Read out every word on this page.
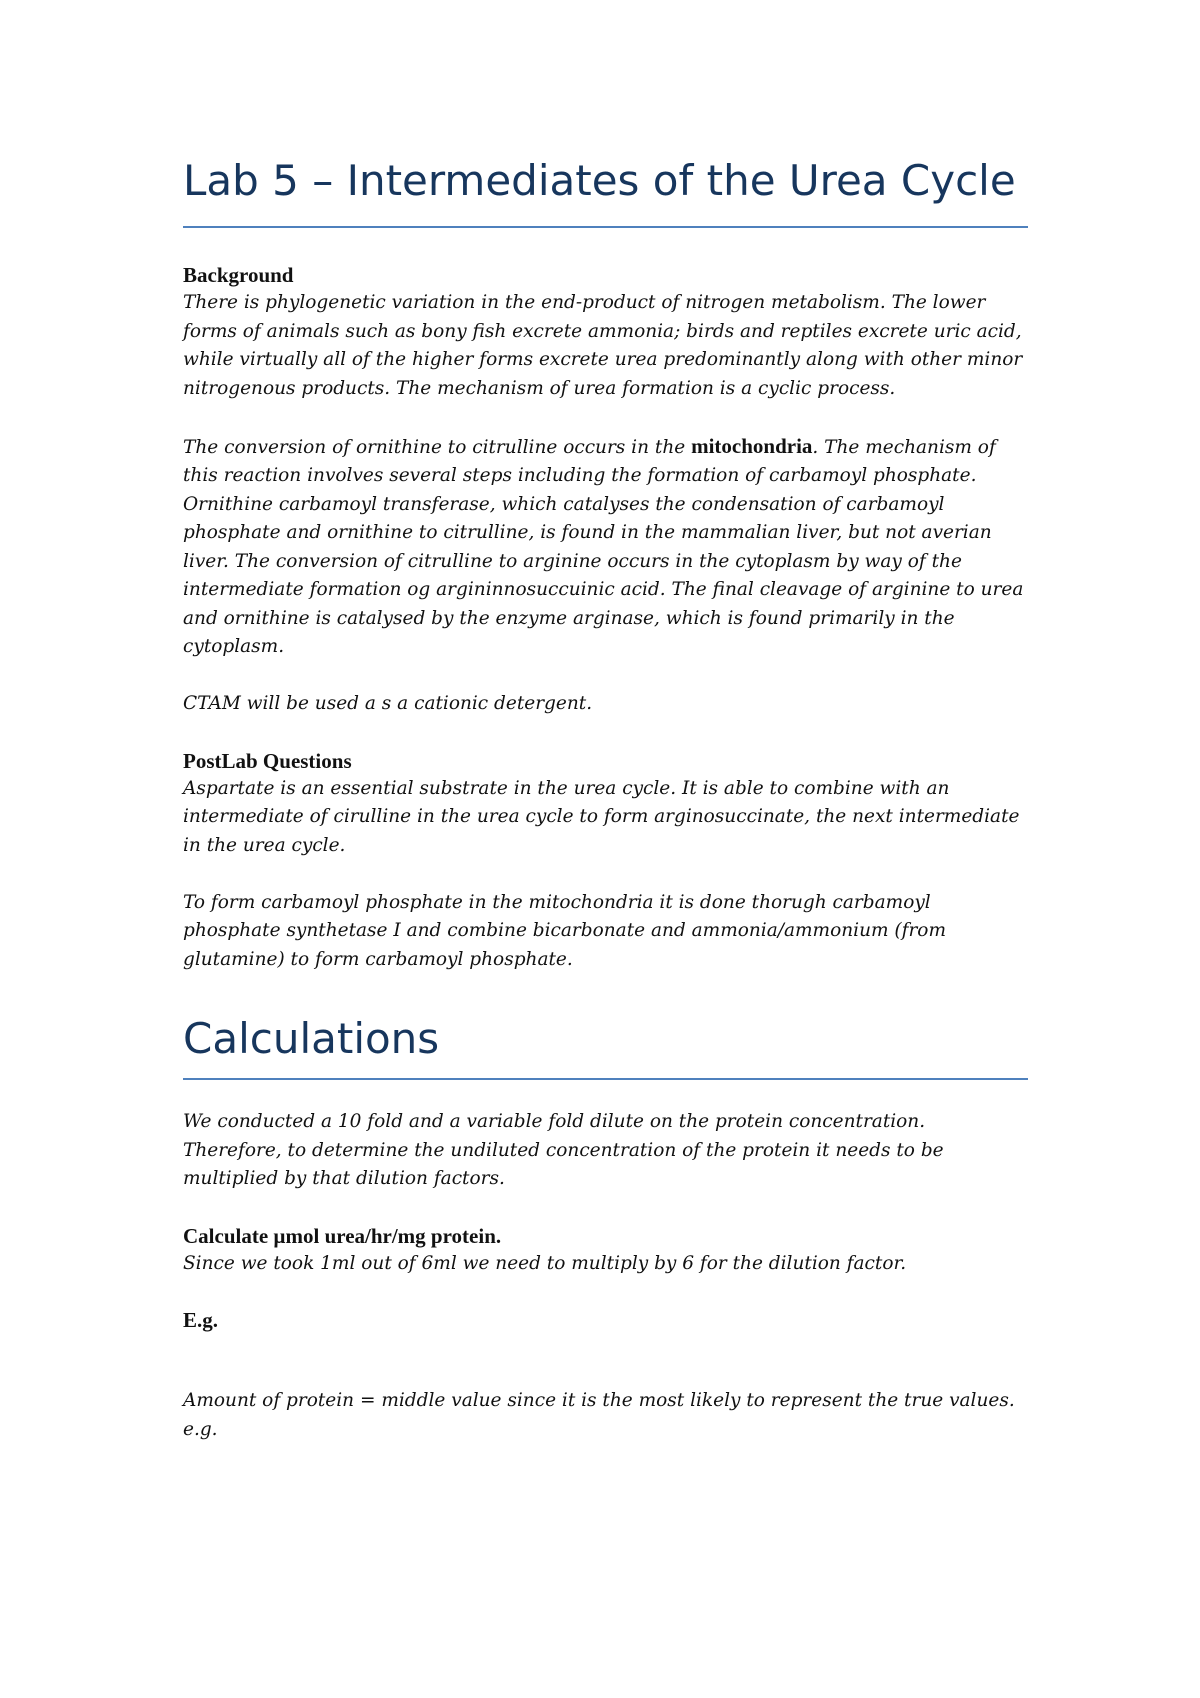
Lab 5 – Intermediates of the Urea Cycle

Background

There is phylogenetic variation in the end-product of nitrogen metabolism. The lower forms of animals such as bony fish excrete ammonia; birds and reptiles excrete uric acid, while virtually all of the higher forms excrete urea predominantly along with other minor nitrogenous products. The mechanism of urea formation is a cyclic process.

The conversion of ornithine to citrulline occurs in the mitochondria. The mechanism of this reaction involves several steps including the formation of carbamoyl phosphate. Ornithine carbamoyl transferase, which catalyses the condensation of carbamoyl phosphate and ornithine to citrulline, is found in the mammalian liver, but not averian liver. The conversion of citrulline to arginine occurs in the cytoplasm by way of the intermediate formation og argininnosuccuinic acid. The final cleavage of arginine to urea and ornithine is catalysed by the enzyme arginase, which is found primarily in the cytoplasm.

CTAM will be used a s a cationic detergent.

PostLab Questions

Aspartate is an essential substrate in the urea cycle. It is able to combine with an intermediate of cirulline in the urea cycle to form arginosuccinate, the next intermediate in the urea cycle.

To form carbamoyl phosphate in the mitochondria it is done thorugh carbamoyl phosphate synthetase I and combine bicarbonate and ammonia/ammonium (from glutamine) to form carbamoyl phosphate.

Calculations

We conducted a 10 fold and a variable fold dilute on the protein concentration. Therefore, to determine the undiluted concentration of the protein it needs to be multiplied by that dilution factors.

Calculate µmol urea/hr/mg protein.

Since we took 1ml out of 6ml we need to multiply by 6 for the dilution factor.

E.g.

Amount of protein = middle value since it is the most likely to represent the true values.

e.g.
